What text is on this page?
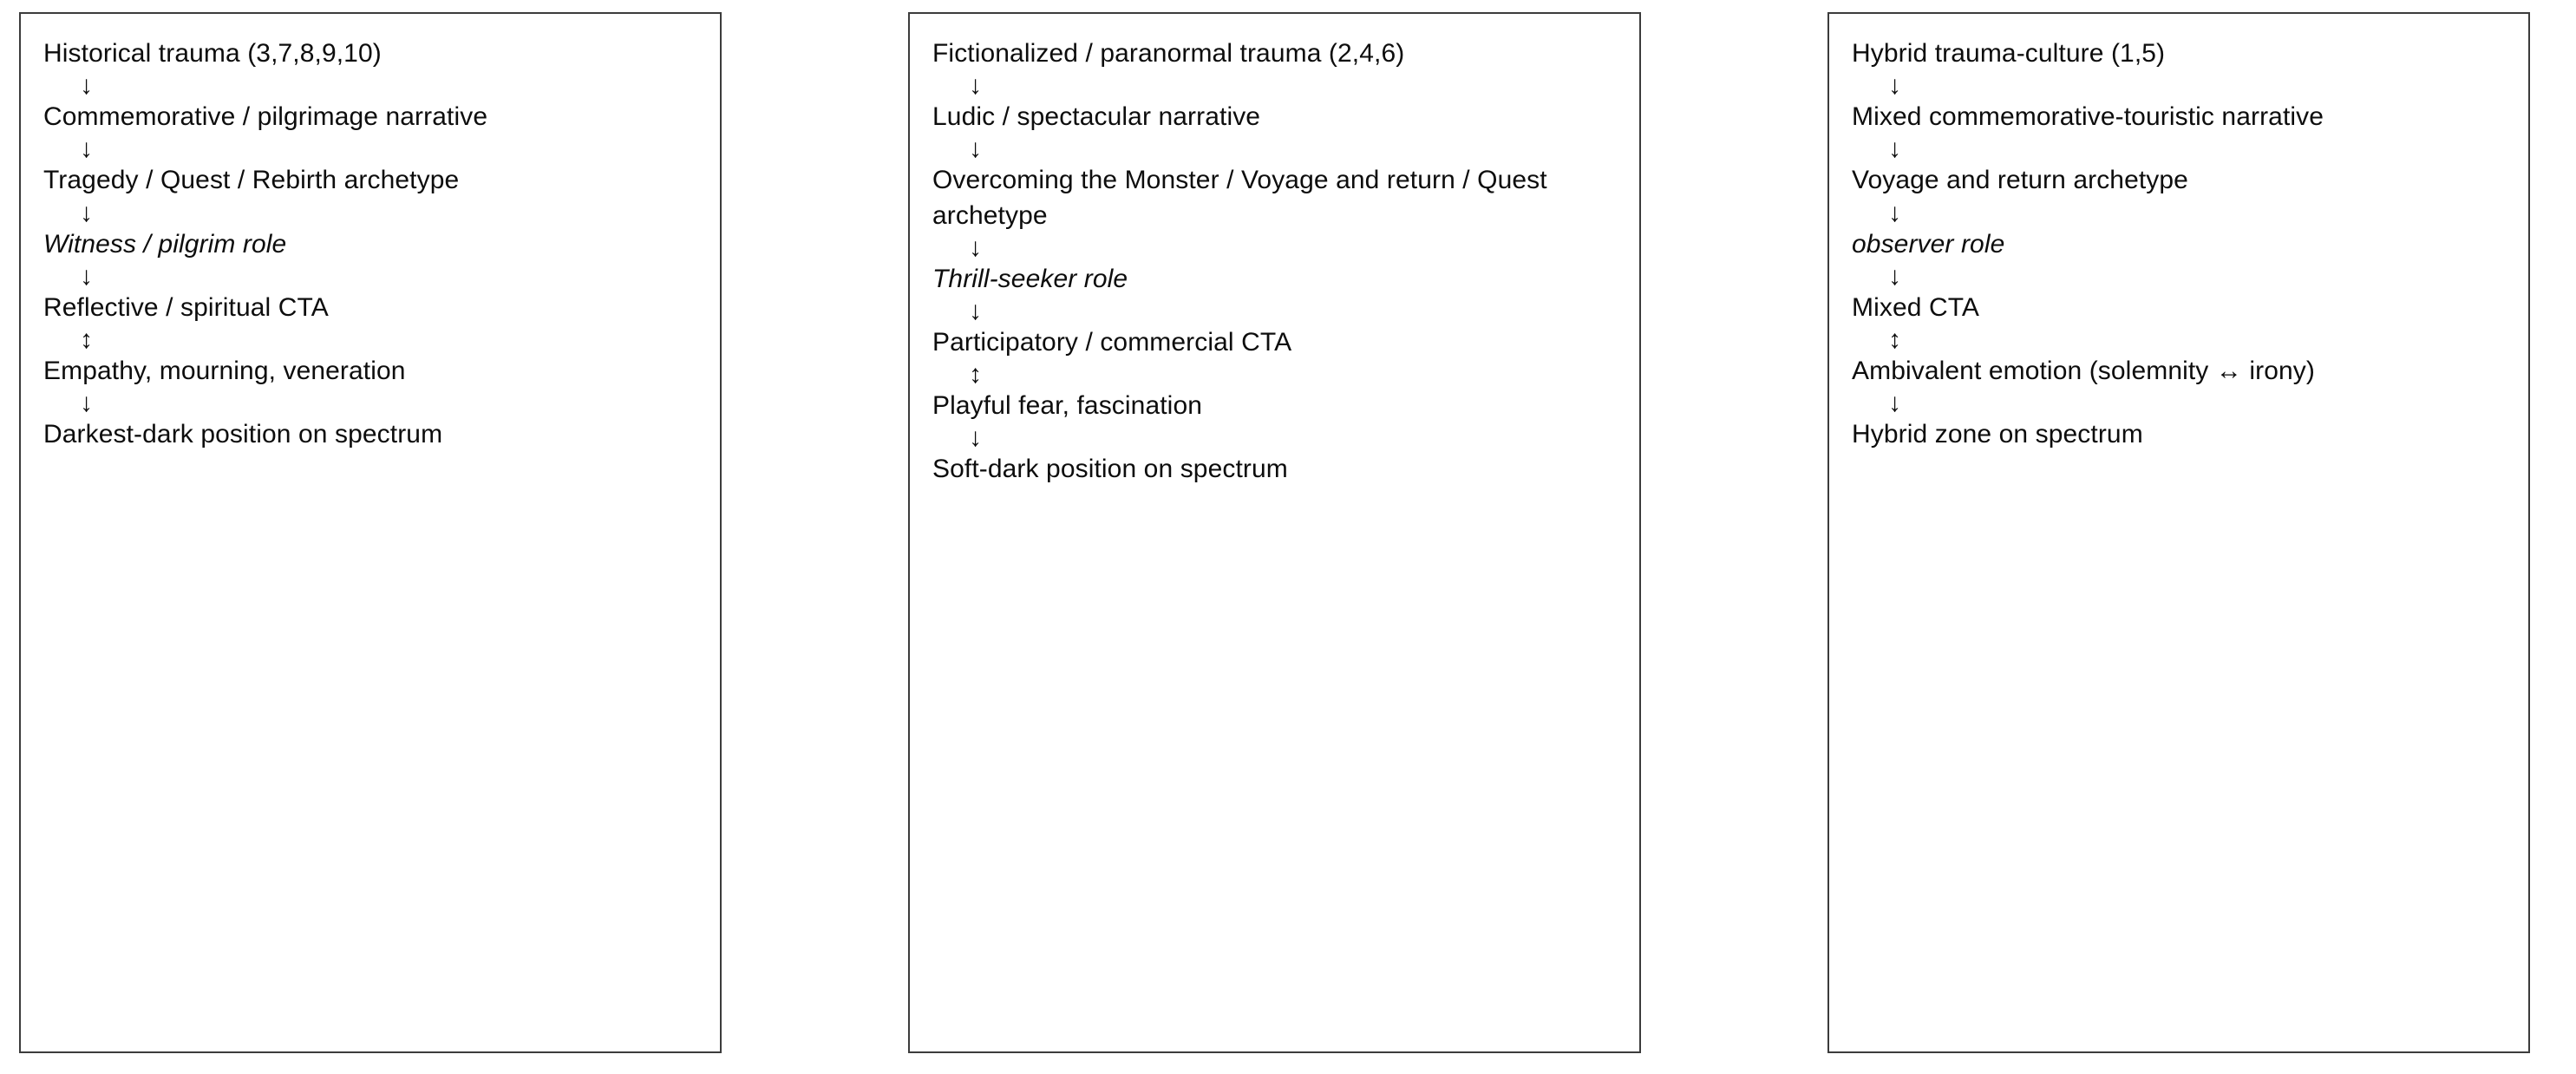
Historical trauma (3,7,8,9,10)
↓
Commemorative / pilgrimage narrative
↓
Tragedy / Quest / Rebirth archetype
↓
Witness / pilgrim role
↓
Reflective / spiritual CTA
↕
Empathy, mourning, veneration
↓
Darkest-dark position on spectrum
Fictionalized / paranormal trauma (2,4,6)
↓
Ludic / spectacular narrative
↓
Overcoming the Monster / Voyage and return / Quest archetype
↓
Thrill-seeker role
↓
Participatory / commercial CTA
↕
Playful fear, fascination
↓
Soft-dark position on spectrum
Hybrid trauma-culture (1,5)
↓
Mixed commemorative-touristic narrative
↓
Voyage and return archetype
↓
observer role
↓
Mixed CTA
↕
Ambivalent emotion (solemnity ↔ irony)
↓
Hybrid zone on spectrum
